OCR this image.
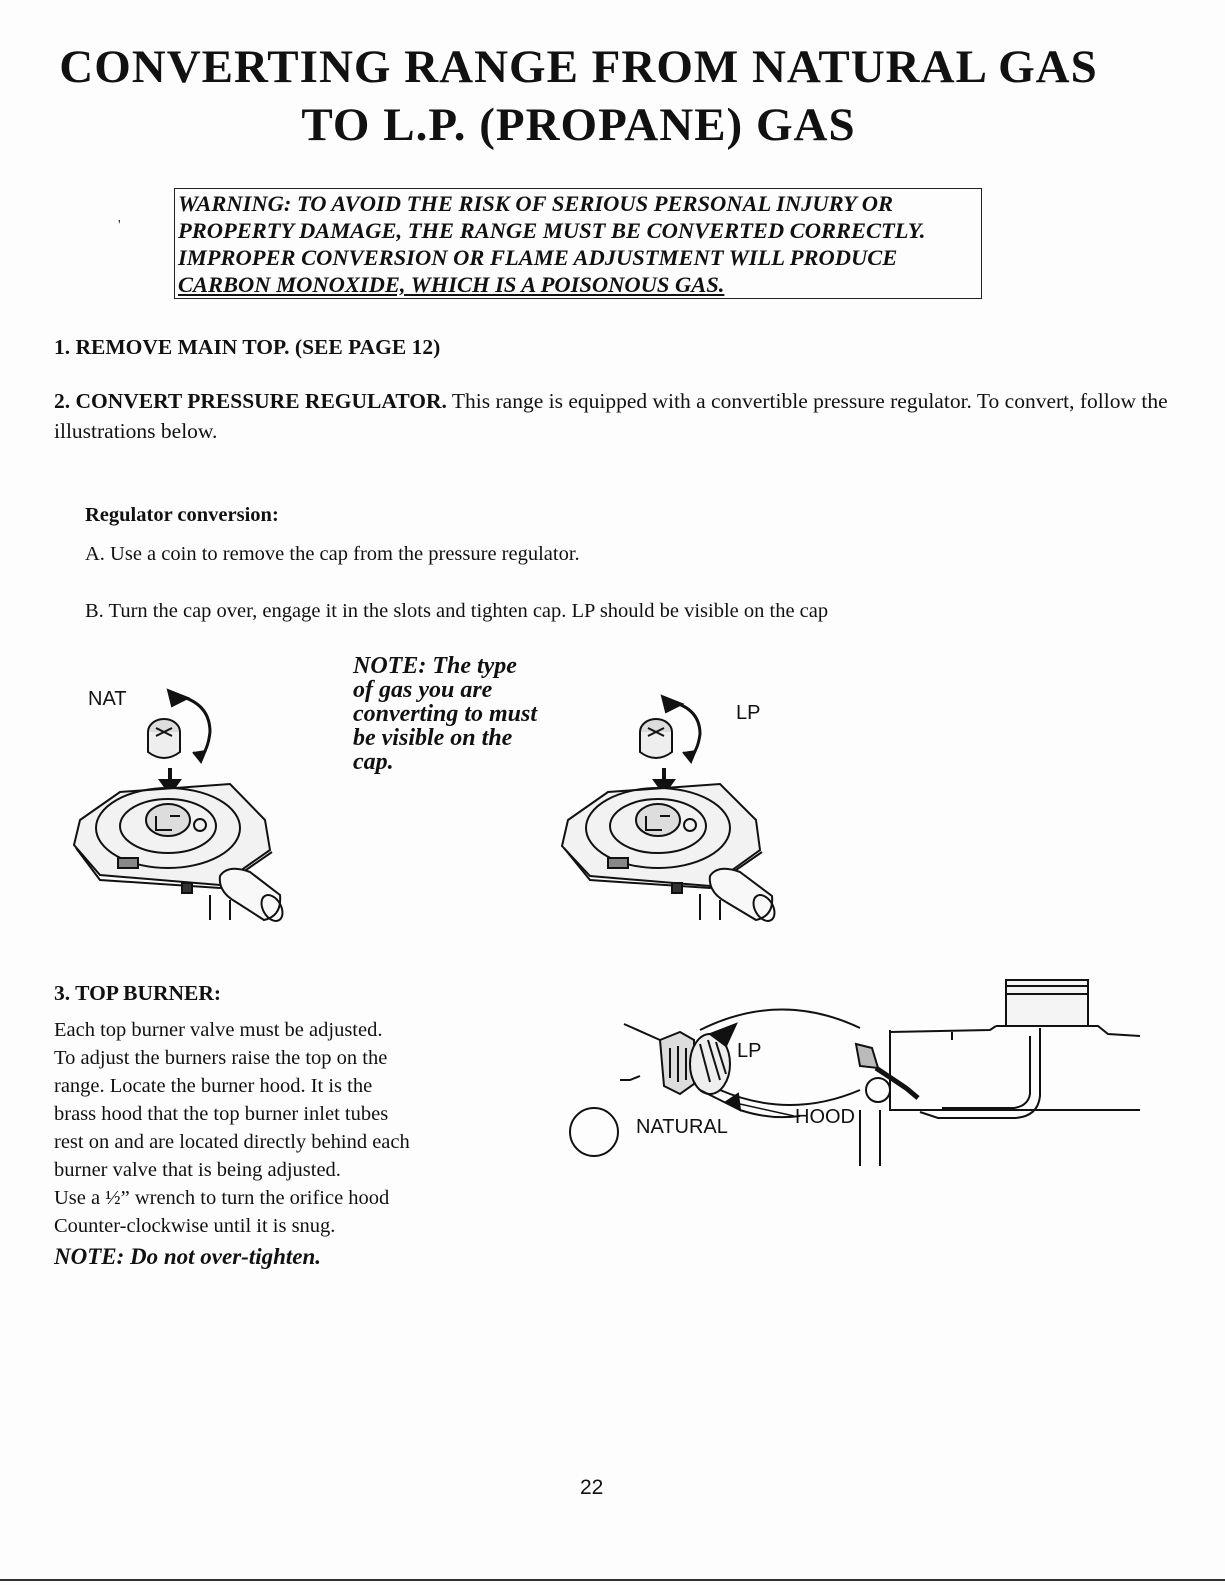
CONVERTING RANGE FROM NATURAL GAS
TO L.P. (PROPANE) GAS
'
WARNING: TO AVOID THE RISK OF SERIOUS PERSONAL INJURY OR
PROPERTY DAMAGE, THE RANGE MUST BE CONVERTED CORRECTLY.
IMPROPER CONVERSION OR FLAME ADJUSTMENT WILL PRODUCE
CARBON MONOXIDE, WHICH IS A POISONOUS GAS.

1. REMOVE MAIN TOP. (SEE PAGE 12)

2. CONVERT PRESSURE REGULATOR. This range is equipped with a convertible pressure regulator. To convert, follow the illustrations below.

Regulator conversion:

A. Use a coin to remove the cap from the pressure regulator.

B. Turn the cap over, engage it in the slots and tighten cap. LP should be visible on the cap

NOTE: The type
of gas you are
converting to must
be visible on the
cap.
NAT
LP

3. TOP BURNER:

Each top burner valve must be adjusted.
To adjust the burners raise the top on the
range. Locate the burner hood. It is the
brass hood that the top burner inlet tubes
rest on and are located directly behind each
burner valve that is being adjusted.
Use a ½” wrench to turn the orifice hood
Counter-clockwise until it is snug.
NOTE: Do not over-tighten.
LP
NATURAL	HOOD
22
